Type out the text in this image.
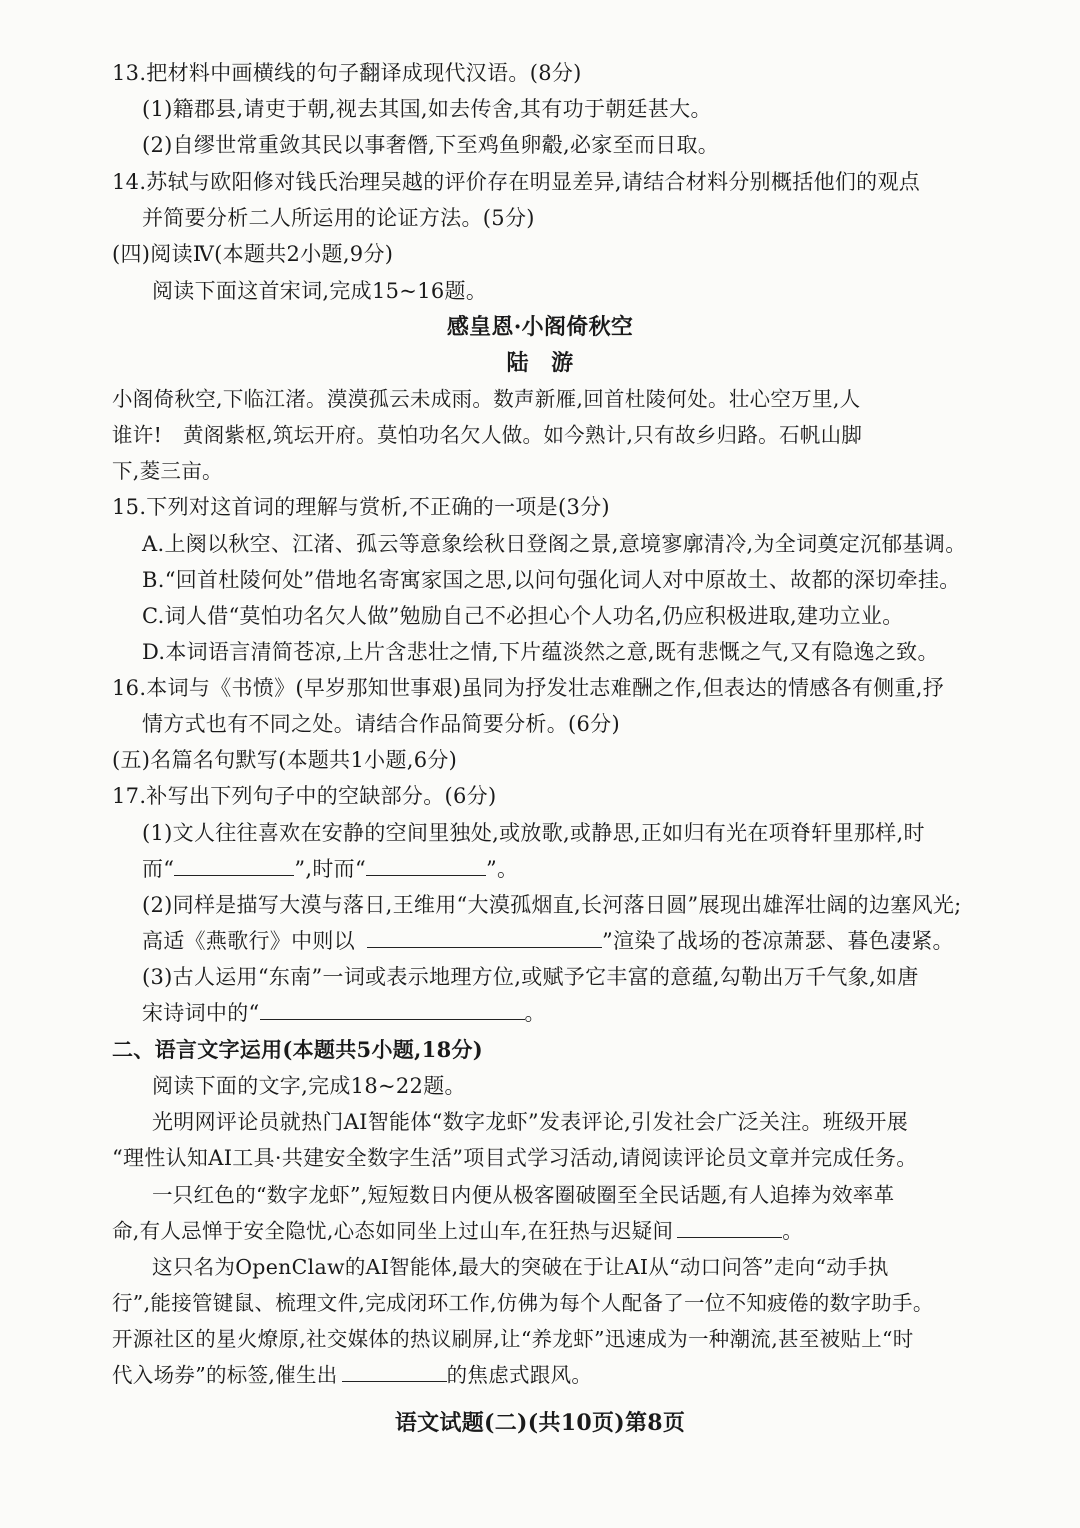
13.把材料中画横线的句子翻译成现代汉语。(8分)
(1)籍郡县,请吏于朝,视去其国,如去传舍,其有功于朝廷甚大。
(2)自缪世常重敛其民以事奢僭,下至鸡鱼卵觳,必家至而日取。
14.苏轼与欧阳修对钱氏治理吴越的评价存在明显差异,请结合材料分别概括他们的观点
并简要分析二人所运用的论证方法。(5分)
(四)阅读Ⅳ(本题共2小题,9分)
阅读下面这首宋词,完成15~16题。
感皇恩·小阁倚秋空
陆　游
小阁倚秋空,下临江渚。漠漠孤云未成雨。数声新雁,回首杜陵何处。壮心空万里,人
谁许!　黄阁紫枢,筑坛开府。莫怕功名欠人做。如今熟计,只有故乡归路。石帆山脚
下,菱三亩。
15.下列对这首词的理解与赏析,不正确的一项是(3分)
A.上阕以秋空、江渚、孤云等意象绘秋日登阁之景,意境寥廓清冷,为全词奠定沉郁基调。
B.“回首杜陵何处”借地名寄寓家国之思,以问句强化词人对中原故土、故都的深切牵挂。
C.词人借“莫怕功名欠人做”勉励自己不必担心个人功名,仍应积极进取,建功立业。
D.本词语言清简苍凉,上片含悲壮之情,下片蕴淡然之意,既有悲慨之气,又有隐逸之致。
16.本词与《书愤》(早岁那知世事艰)虽同为抒发壮志难酬之作,但表达的情感各有侧重,抒
情方式也有不同之处。请结合作品简要分析。(6分)
(五)名篇名句默写(本题共1小题,6分)
17.补写出下列句子中的空缺部分。(6分)
(1)文人往往喜欢在安静的空间里独处,或放歌,或静思,正如归有光在项脊轩里那样,时
而“	”,时而“	”。
(2)同样是描写大漠与落日,王维用“大漠孤烟直,长河落日圆”展现出雄浑壮阔的边塞风光;
高适《燕歌行》中则以	”渲染了战场的苍凉萧瑟、暮色凄紧。
(3)古人运用“东南”一词或表示地理方位,或赋予它丰富的意蕴,勾勒出万千气象,如唐
宋诗词中的“	。
二、语言文字运用(本题共5小题,18分)
阅读下面的文字,完成18~22题。
光明网评论员就热门AI智能体“数字龙虾”发表评论,引发社会广泛关注。班级开展
“理性认知AI工具·共建安全数字生活”项目式学习活动,请阅读评论员文章并完成任务。
一只红色的“数字龙虾”,短短数日内便从极客圈破圈至全民话题,有人追捧为效率革
命,有人忌惮于安全隐忧,心态如同坐上过山车,在狂热与迟疑间	。
这只名为OpenClaw的AI智能体,最大的突破在于让AI从“动口问答”走向“动手执
行”,能接管键鼠、梳理文件,完成闭环工作,仿佛为每个人配备了一位不知疲倦的数字助手。
开源社区的星火燎原,社交媒体的热议刷屏,让“养龙虾”迅速成为一种潮流,甚至被贴上“时
代入场券”的标签,催生出	的焦虑式跟风。
语文试题(二)(共10页)第8页
